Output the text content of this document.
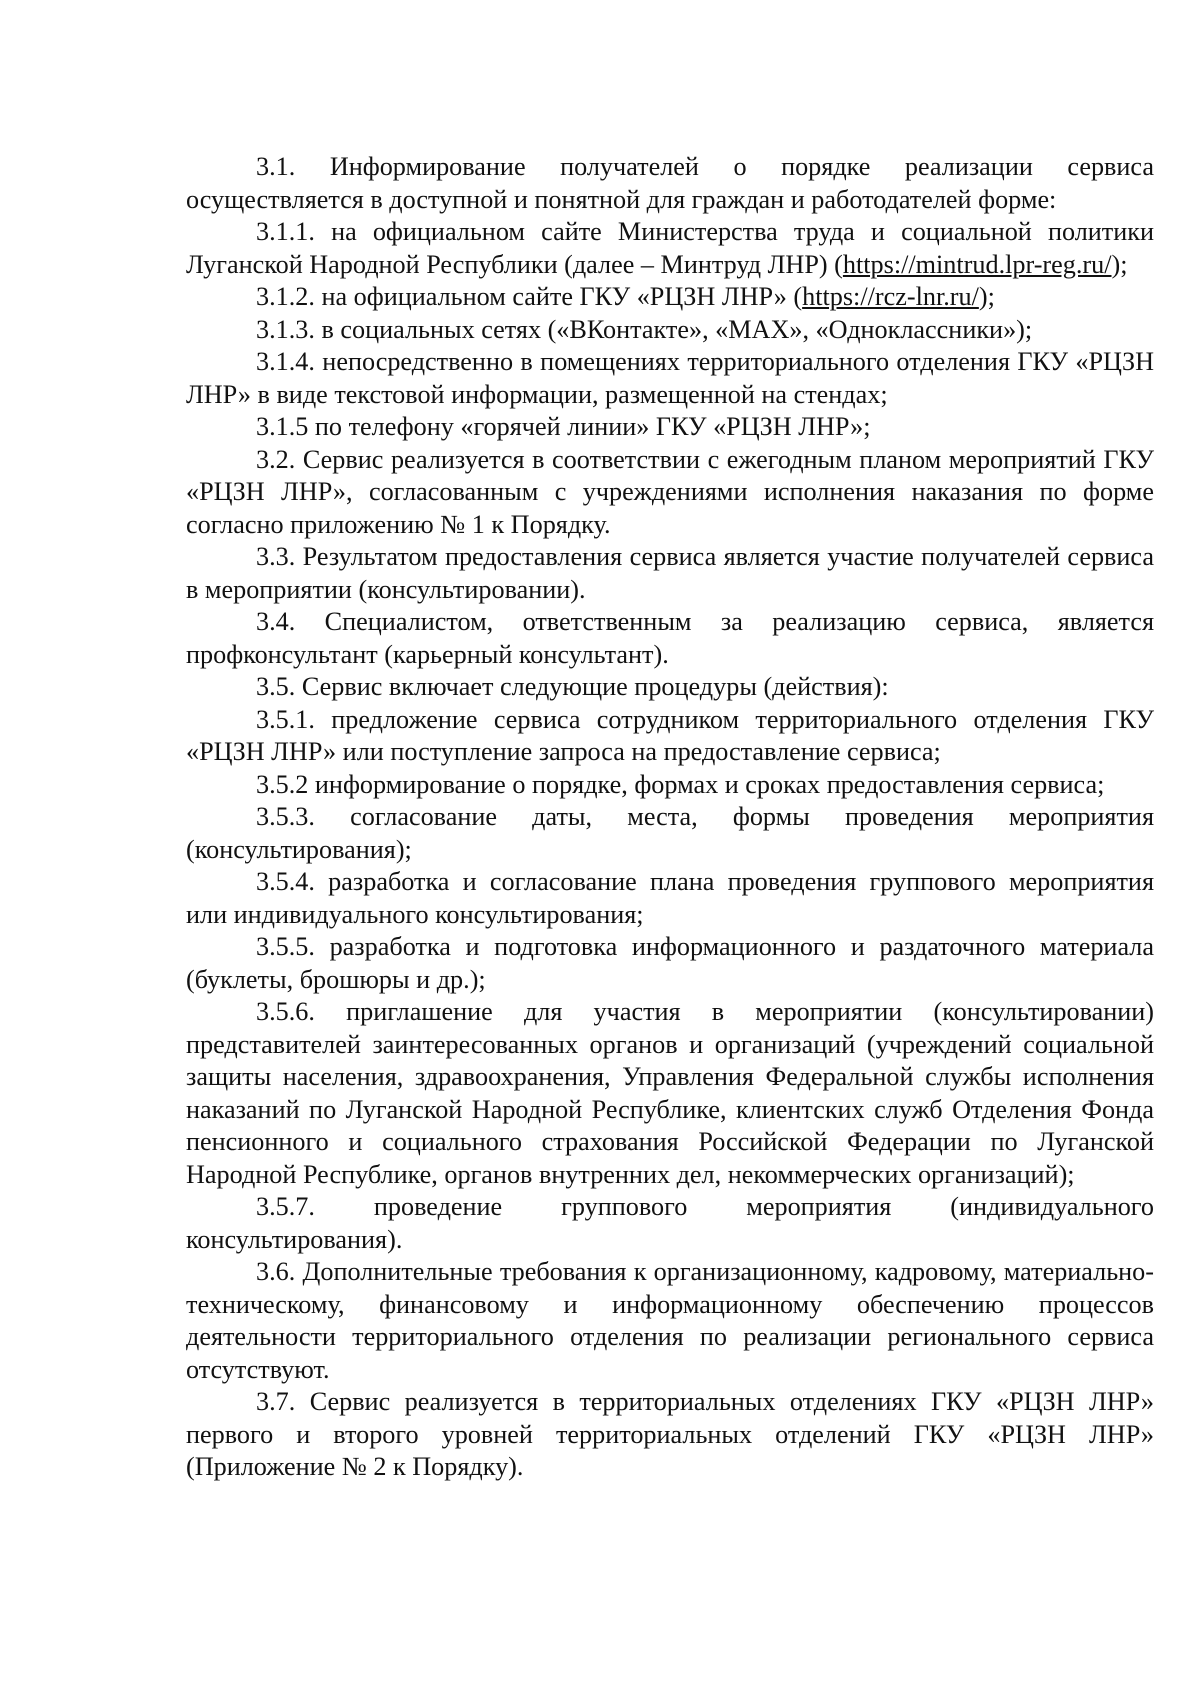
3.1. Информирование получателей о порядке реализации сервиса осуществляется в доступной и понятной для граждан и работодателей форме:

3.1.1. на официальном сайте Министерства труда и социальной политики Луганской Народной Республики (далее – Минтруд ЛНР) (https://mintrud.lpr-reg.ru/);

3.1.2. на официальном сайте ГКУ «РЦЗН ЛНР» (https://rcz-lnr.ru/);

3.1.3. в социальных сетях («ВКонтакте», «MAX», «Одноклассники»);

3.1.4. непосредственно в помещениях территориального отделения ГКУ «РЦЗН ЛНР» в виде текстовой информации, размещенной на стендах;

3.1.5 по телефону «горячей линии» ГКУ «РЦЗН ЛНР»;

3.2. Сервис реализуется в соответствии с ежегодным планом мероприятий ГКУ «РЦЗН ЛНР», согласованным с учреждениями исполнения наказания по форме согласно приложению № 1 к Порядку.

3.3. Результатом предоставления сервиса является участие получателей сервиса в мероприятии (консультировании).

3.4. Специалистом, ответственным за реализацию сервиса, является профконсультант (карьерный консультант).

3.5. Сервис включает следующие процедуры (действия):

3.5.1. предложение сервиса сотрудником территориального отделения ГКУ «РЦЗН ЛНР» или поступление запроса на предоставление сервиса;

3.5.2 информирование о порядке, формах и сроках предоставления сервиса;

3.5.3. согласование даты, места, формы проведения мероприятия (консультирования);

3.5.4. разработка и согласование плана проведения группового мероприятия или индивидуального консультирования;

3.5.5. разработка и подготовка информационного и раздаточного материала (буклеты, брошюры и др.);

3.5.6. приглашение для участия в мероприятии (консультировании) представителей заинтересованных органов и организаций (учреждений социальной защиты населения, здравоохранения, Управления Федеральной службы исполнения наказаний по Луганской Народной Республике, клиентских служб Отделения Фонда пенсионного и социального страхования Российской Федерации по Луганской Народной Республике, органов внутренних дел, некоммерческих организаций);

3.5.7. проведение группового мероприятия (индивидуального консультирования).

3.6. Дополнительные требования к организационному, кадровому, материально-техническому, финансовому и информационному обеспечению процессов деятельности территориального отделения по реализации регионального сервиса отсутствуют.

3.7. Сервис реализуется в территориальных отделениях ГКУ «РЦЗН ЛНР» первого и второго уровней территориальных отделений ГКУ «РЦЗН ЛНР» (Приложение № 2 к Порядку).
